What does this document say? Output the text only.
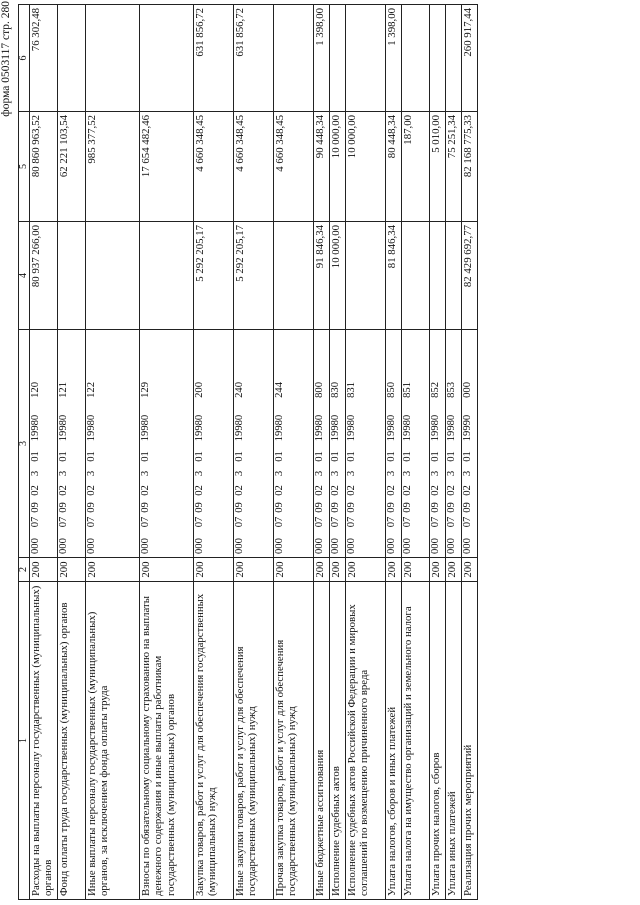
форма 0503117 стр. 280
1	2	3	4	5	6
Расходы на выплаты персоналу государственных (муниципальных) органов	200	00007090230119980120	80 937 266,00	80 860 963,52	76 302,48
Фонд оплаты труда государственных (муниципальных) органов	200	00007090230119980121		62 221 103,54	
Иные выплаты персоналу государственных (муниципальных) органов, за исключением фонда оплаты труда	200	00007090230119980122		985 377,52	
Взносы по обязательному социальному страхованию на выплаты денежного содержания и иные выплаты работникам государственных (муниципальных) органов	200	00007090230119980129		17 654 482,46	
Закупка товаров, работ и услуг для обеспечения государственных (муниципальных) нужд	200	00007090230119980200	5 292 205,17	4 660 348,45	631 856,72
Иные закупки товаров, работ и услуг для обеспечения государственных (муниципальных) нужд	200	00007090230119980240	5 292 205,17	4 660 348,45	631 856,72
Прочая закупка товаров, работ и услуг для обеспечения государственных (муниципальных) нужд	200	00007090230119980244		4 660 348,45	
Иные бюджетные ассигнования	200	00007090230119980800	91 846,34	90 448,34	1 398,00
Исполнение судебных актов	200	00007090230119980830	10 000,00	10 000,00	
Исполнение судебных актов Российской Федерации и мировых соглашений по возмещению причиненного вреда	200	00007090230119980831		10 000,00	
Уплата налогов, сборов и иных платежей	200	00007090230119980850	81 846,34	80 448,34	1 398,00
Уплата налога на имущество организаций и земельного налога	200	00007090230119980851		187,00	
Уплата прочих налогов, сборов	200	00007090230119980852		5 010,00	
Уплата иных платежей	200	00007090230119980853		75 251,34	
Реализация прочих мероприятий	200	00007090230119990000	82 429 692,77	82 168 775,33	260 917,44
